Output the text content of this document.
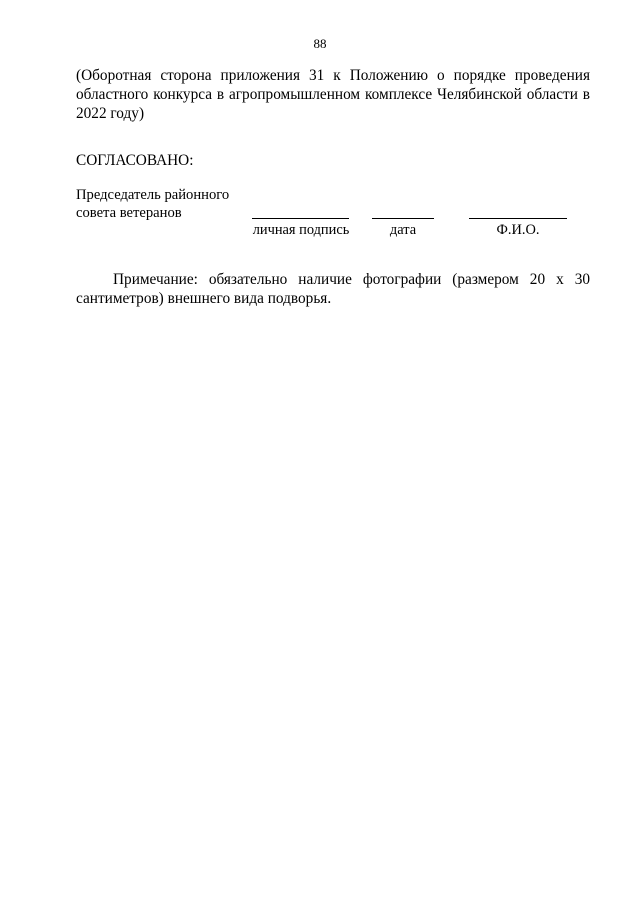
88
(Оборотная сторона приложения 31 к Положению о порядке проведения областного конкурса в агропромышленном комплексе Челябинской области в 2022 году)
СОГЛАСОВАНО:
Председатель районного
совета ветеранов
личная подпись	дата	Ф.И.О.
Примечание: обязательно наличие фотографии (размером 20 х 30 сантиметров) внешнего вида подворья.
